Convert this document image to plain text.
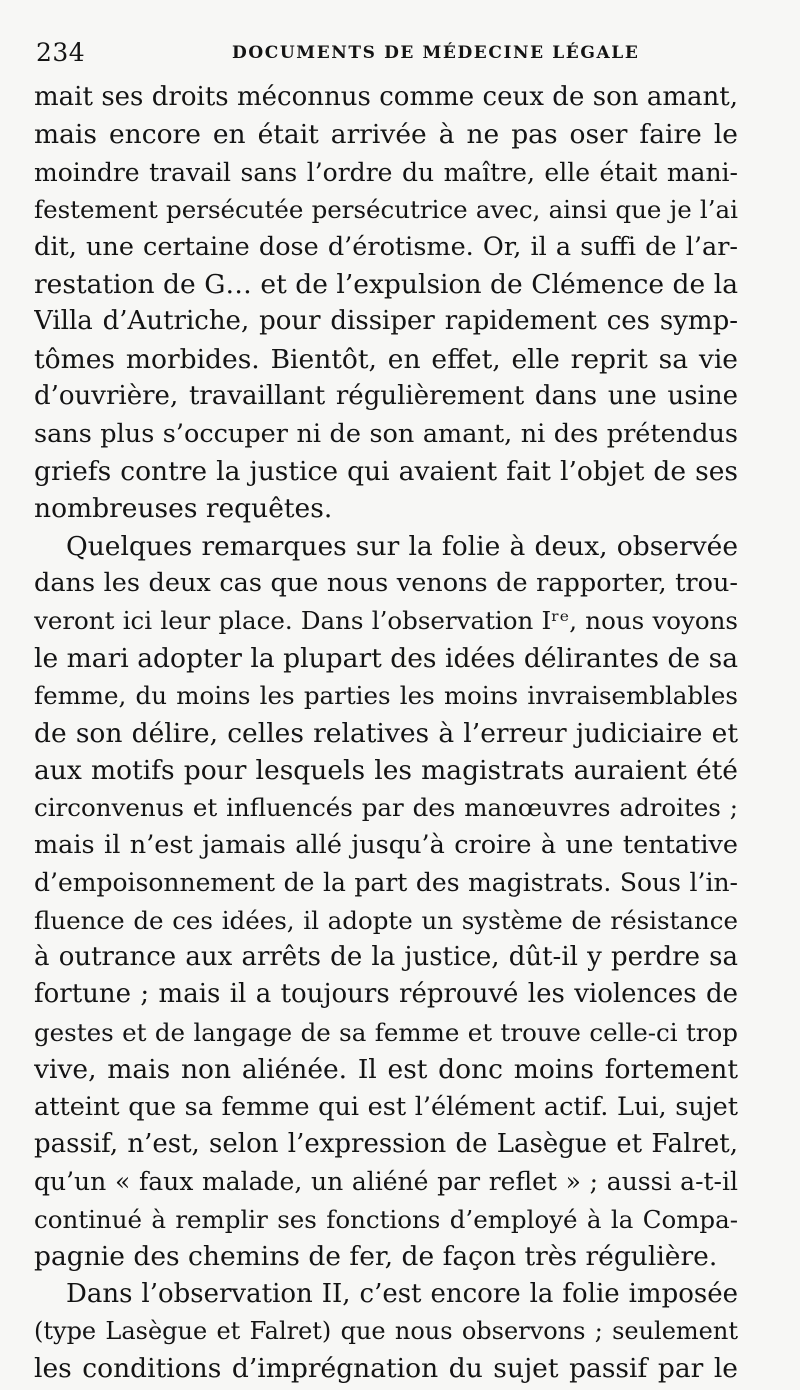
234	DOCUMENTS DE MÉDECINE LÉGALE
mait ses droits méconnus comme ceux de son amant,
mais encore en était arrivée à ne pas oser faire le
moindre travail sans l’ordre du maître, elle était mani-
festement persécutée persécutrice avec, ainsi que je l’ai
dit, une certaine dose d’érotisme. Or, il a suffi de l’ar-
restation de G… et de l’expulsion de Clémence de la
Villa d’Autriche, pour dissiper rapidement ces symp-
tômes morbides. Bientôt, en effet, elle reprit sa vie
d’ouvrière, travaillant régulièrement dans une usine
sans plus s’occuper ni de son amant, ni des prétendus
griefs contre la justice qui avaient fait l’objet de ses
nombreuses requêtes.
Quelques remarques sur la folie à deux, observée
dans les deux cas que nous venons de rapporter, trou-
veront ici leur place. Dans l’observation Iʳᵉ, nous voyons
le mari adopter la plupart des idées délirantes de sa
femme, du moins les parties les moins invraisemblables
de son délire, celles relatives à l’erreur judiciaire et
aux motifs pour lesquels les magistrats auraient été
circonvenus et influencés par des manœuvres adroites ;
mais il n’est jamais allé jusqu’à croire à une tentative
d’empoisonnement de la part des magistrats. Sous l’in-
fluence de ces idées, il adopte un système de résistance
à outrance aux arrêts de la justice, dût-il y perdre sa
fortune ; mais il a toujours réprouvé les violences de
gestes et de langage de sa femme et trouve celle-ci trop
vive, mais non aliénée. Il est donc moins fortement
atteint que sa femme qui est l’élément actif. Lui, sujet
passif, n’est, selon l’expression de Lasègue et Falret,
qu’un « faux malade, un aliéné par reflet » ; aussi a-t-il
continué à remplir ses fonctions d’employé à la Compa-
pagnie des chemins de fer, de façon très régulière.
Dans l’observation II, c’est encore la folie imposée
(type Lasègue et Falret) que nous observons ; seulement
les conditions d’imprégnation du sujet passif par le
